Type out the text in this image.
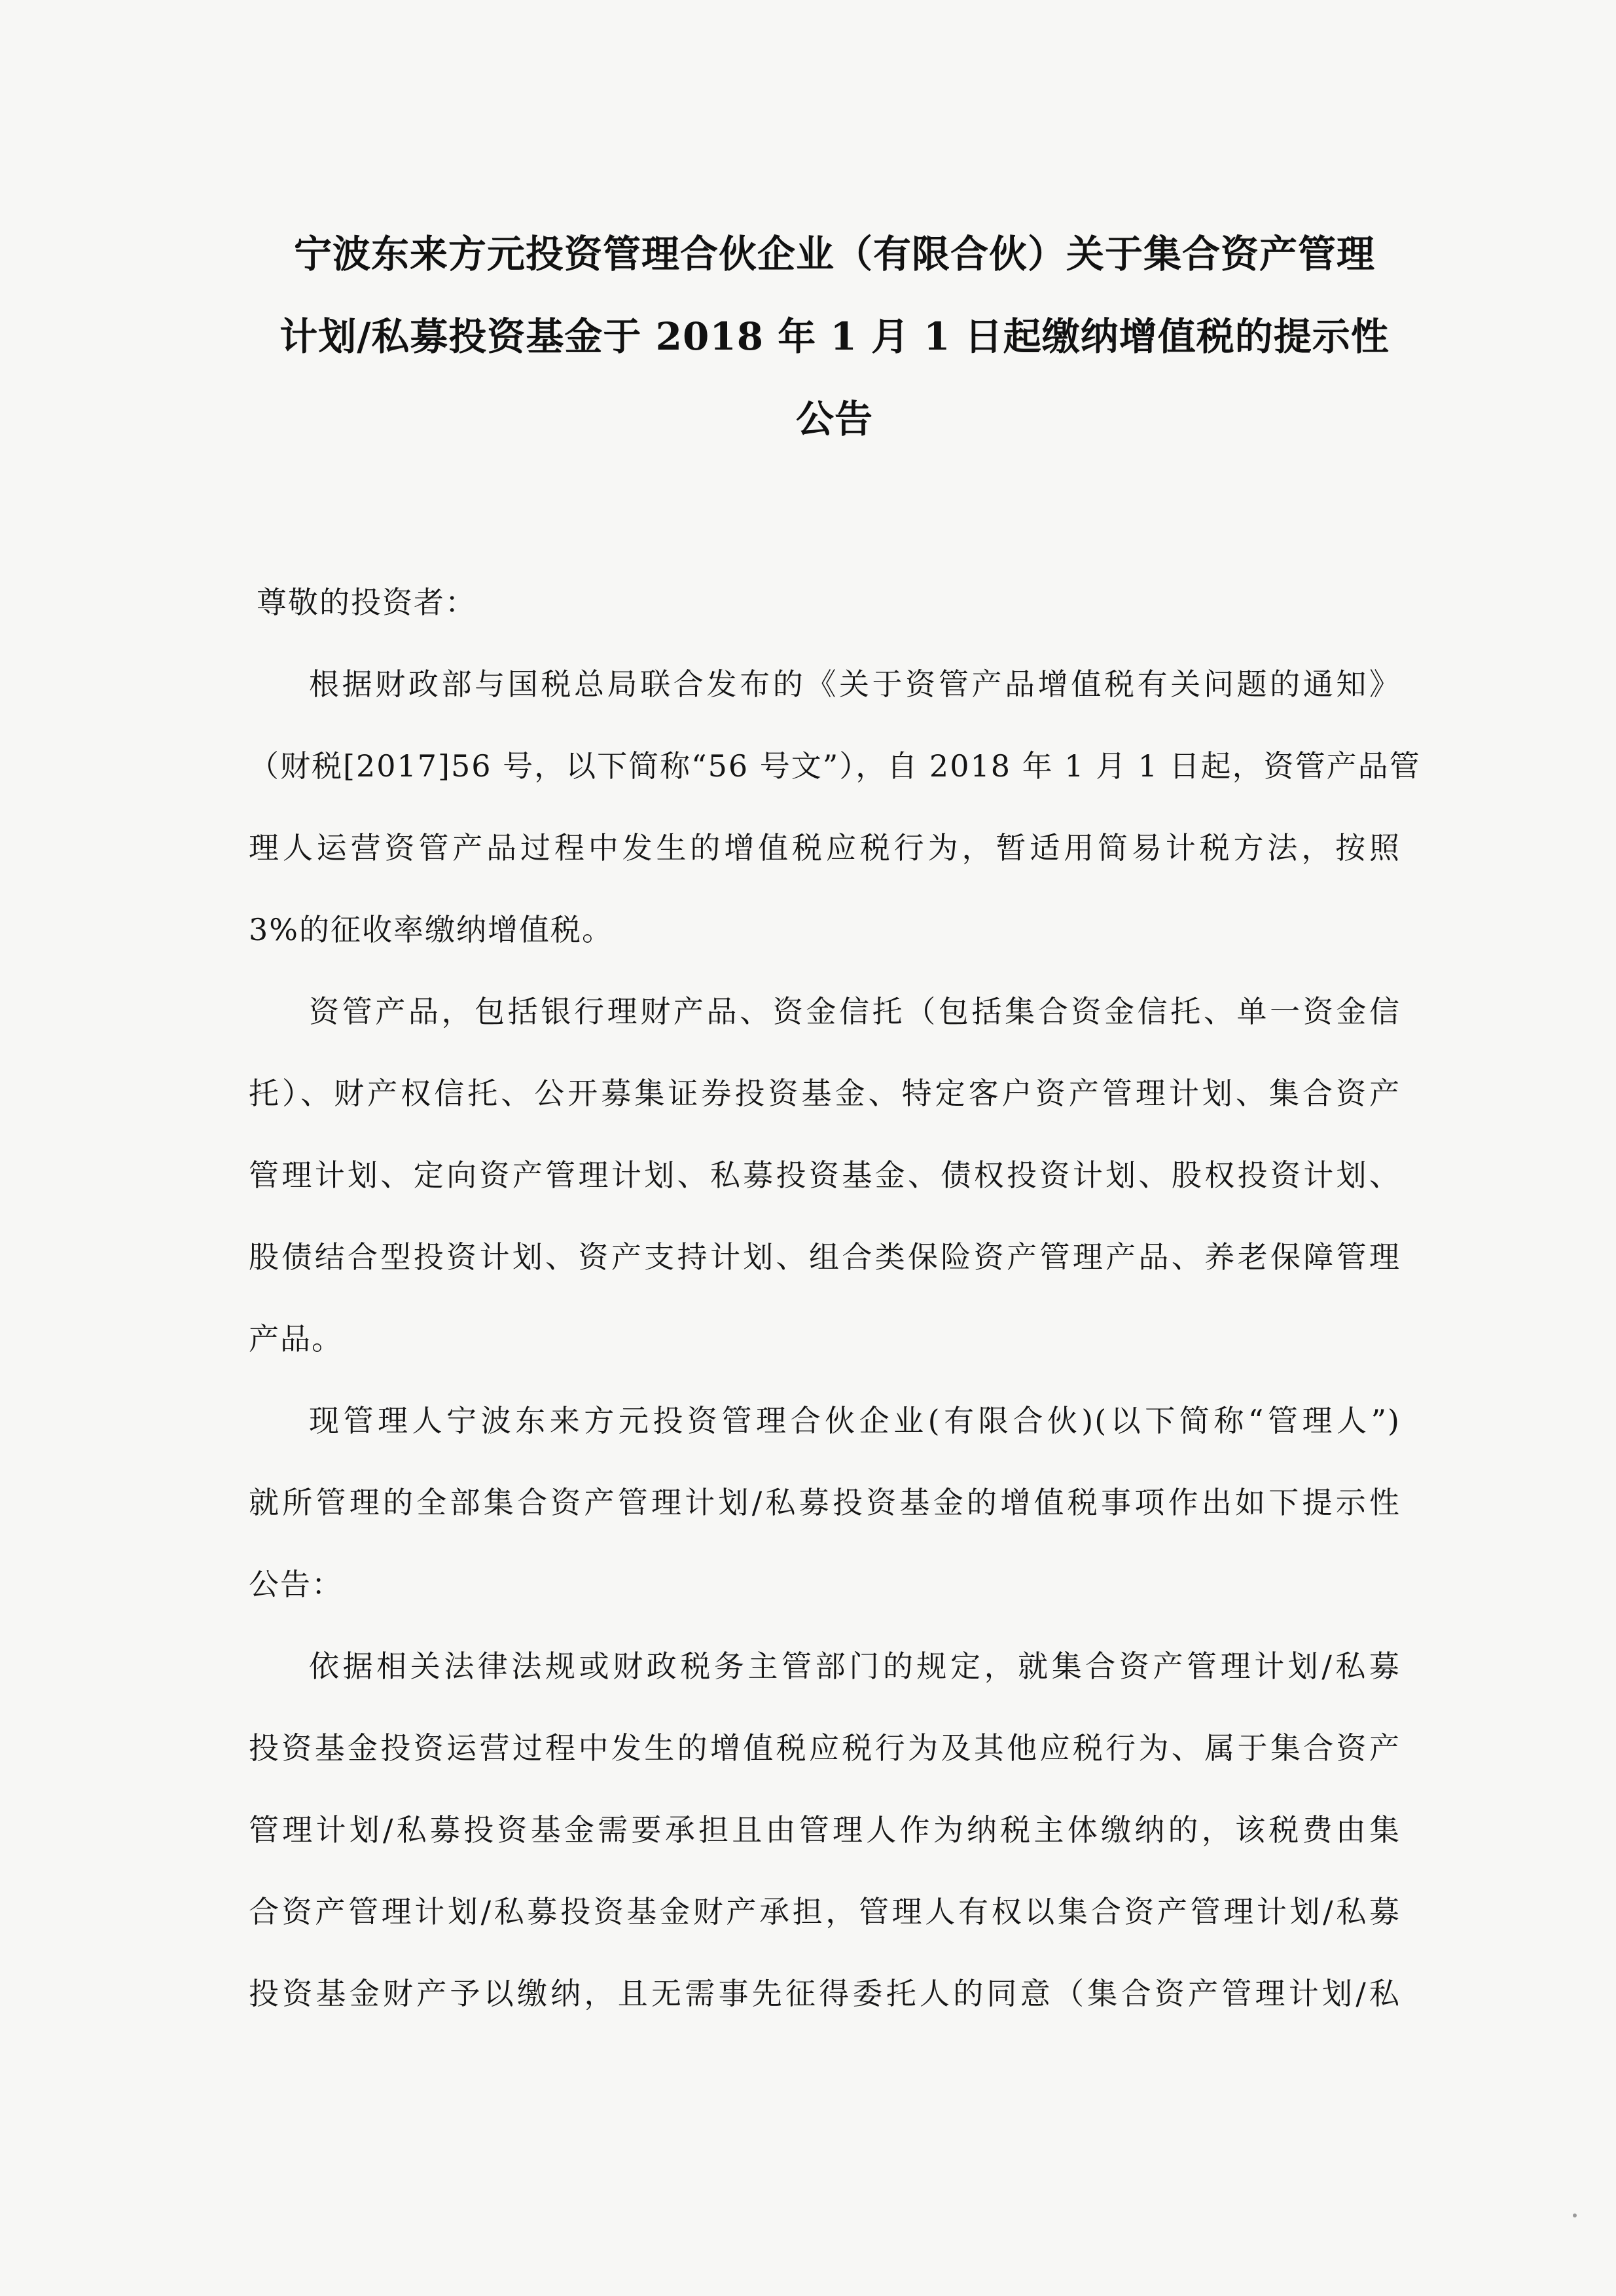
宁波东来方元投资管理合伙企业（有限合伙）关于集合资产管理
计划/私募投资基金于 2018 年 1 月 1 日起缴纳增值税的提示性
公告

尊敬的投资者：

根据财政部与国税总局联合发布的《关于资管产品增值税有关问题的通知》
（财税[2017]56 号，以下简称“56 号文”），自 2018 年 1 月 1 日起，资管产品管
理人运营资管产品过程中发生的增值税应税行为，暂适用简易计税方法，按照
3%的征收率缴纳增值税。

资管产品，包括银行理财产品、资金信托（包括集合资金信托、单一资金信
托）、财产权信托、公开募集证券投资基金、特定客户资产管理计划、集合资产
管理计划、定向资产管理计划、私募投资基金、债权投资计划、股权投资计划、
股债结合型投资计划、资产支持计划、组合类保险资产管理产品、养老保障管理
产品。

现管理人宁波东来方元投资管理合伙企业(有限合伙)(以下简称“管理人”)
就所管理的全部集合资产管理计划/私募投资基金的增值税事项作出如下提示性
公告：

依据相关法律法规或财政税务主管部门的规定，就集合资产管理计划/私募
投资基金投资运营过程中发生的增值税应税行为及其他应税行为、属于集合资产
管理计划/私募投资基金需要承担且由管理人作为纳税主体缴纳的，该税费由集
合资产管理计划/私募投资基金财产承担，管理人有权以集合资产管理计划/私募
投资基金财产予以缴纳，且无需事先征得委托人的同意（集合资产管理计划/私
